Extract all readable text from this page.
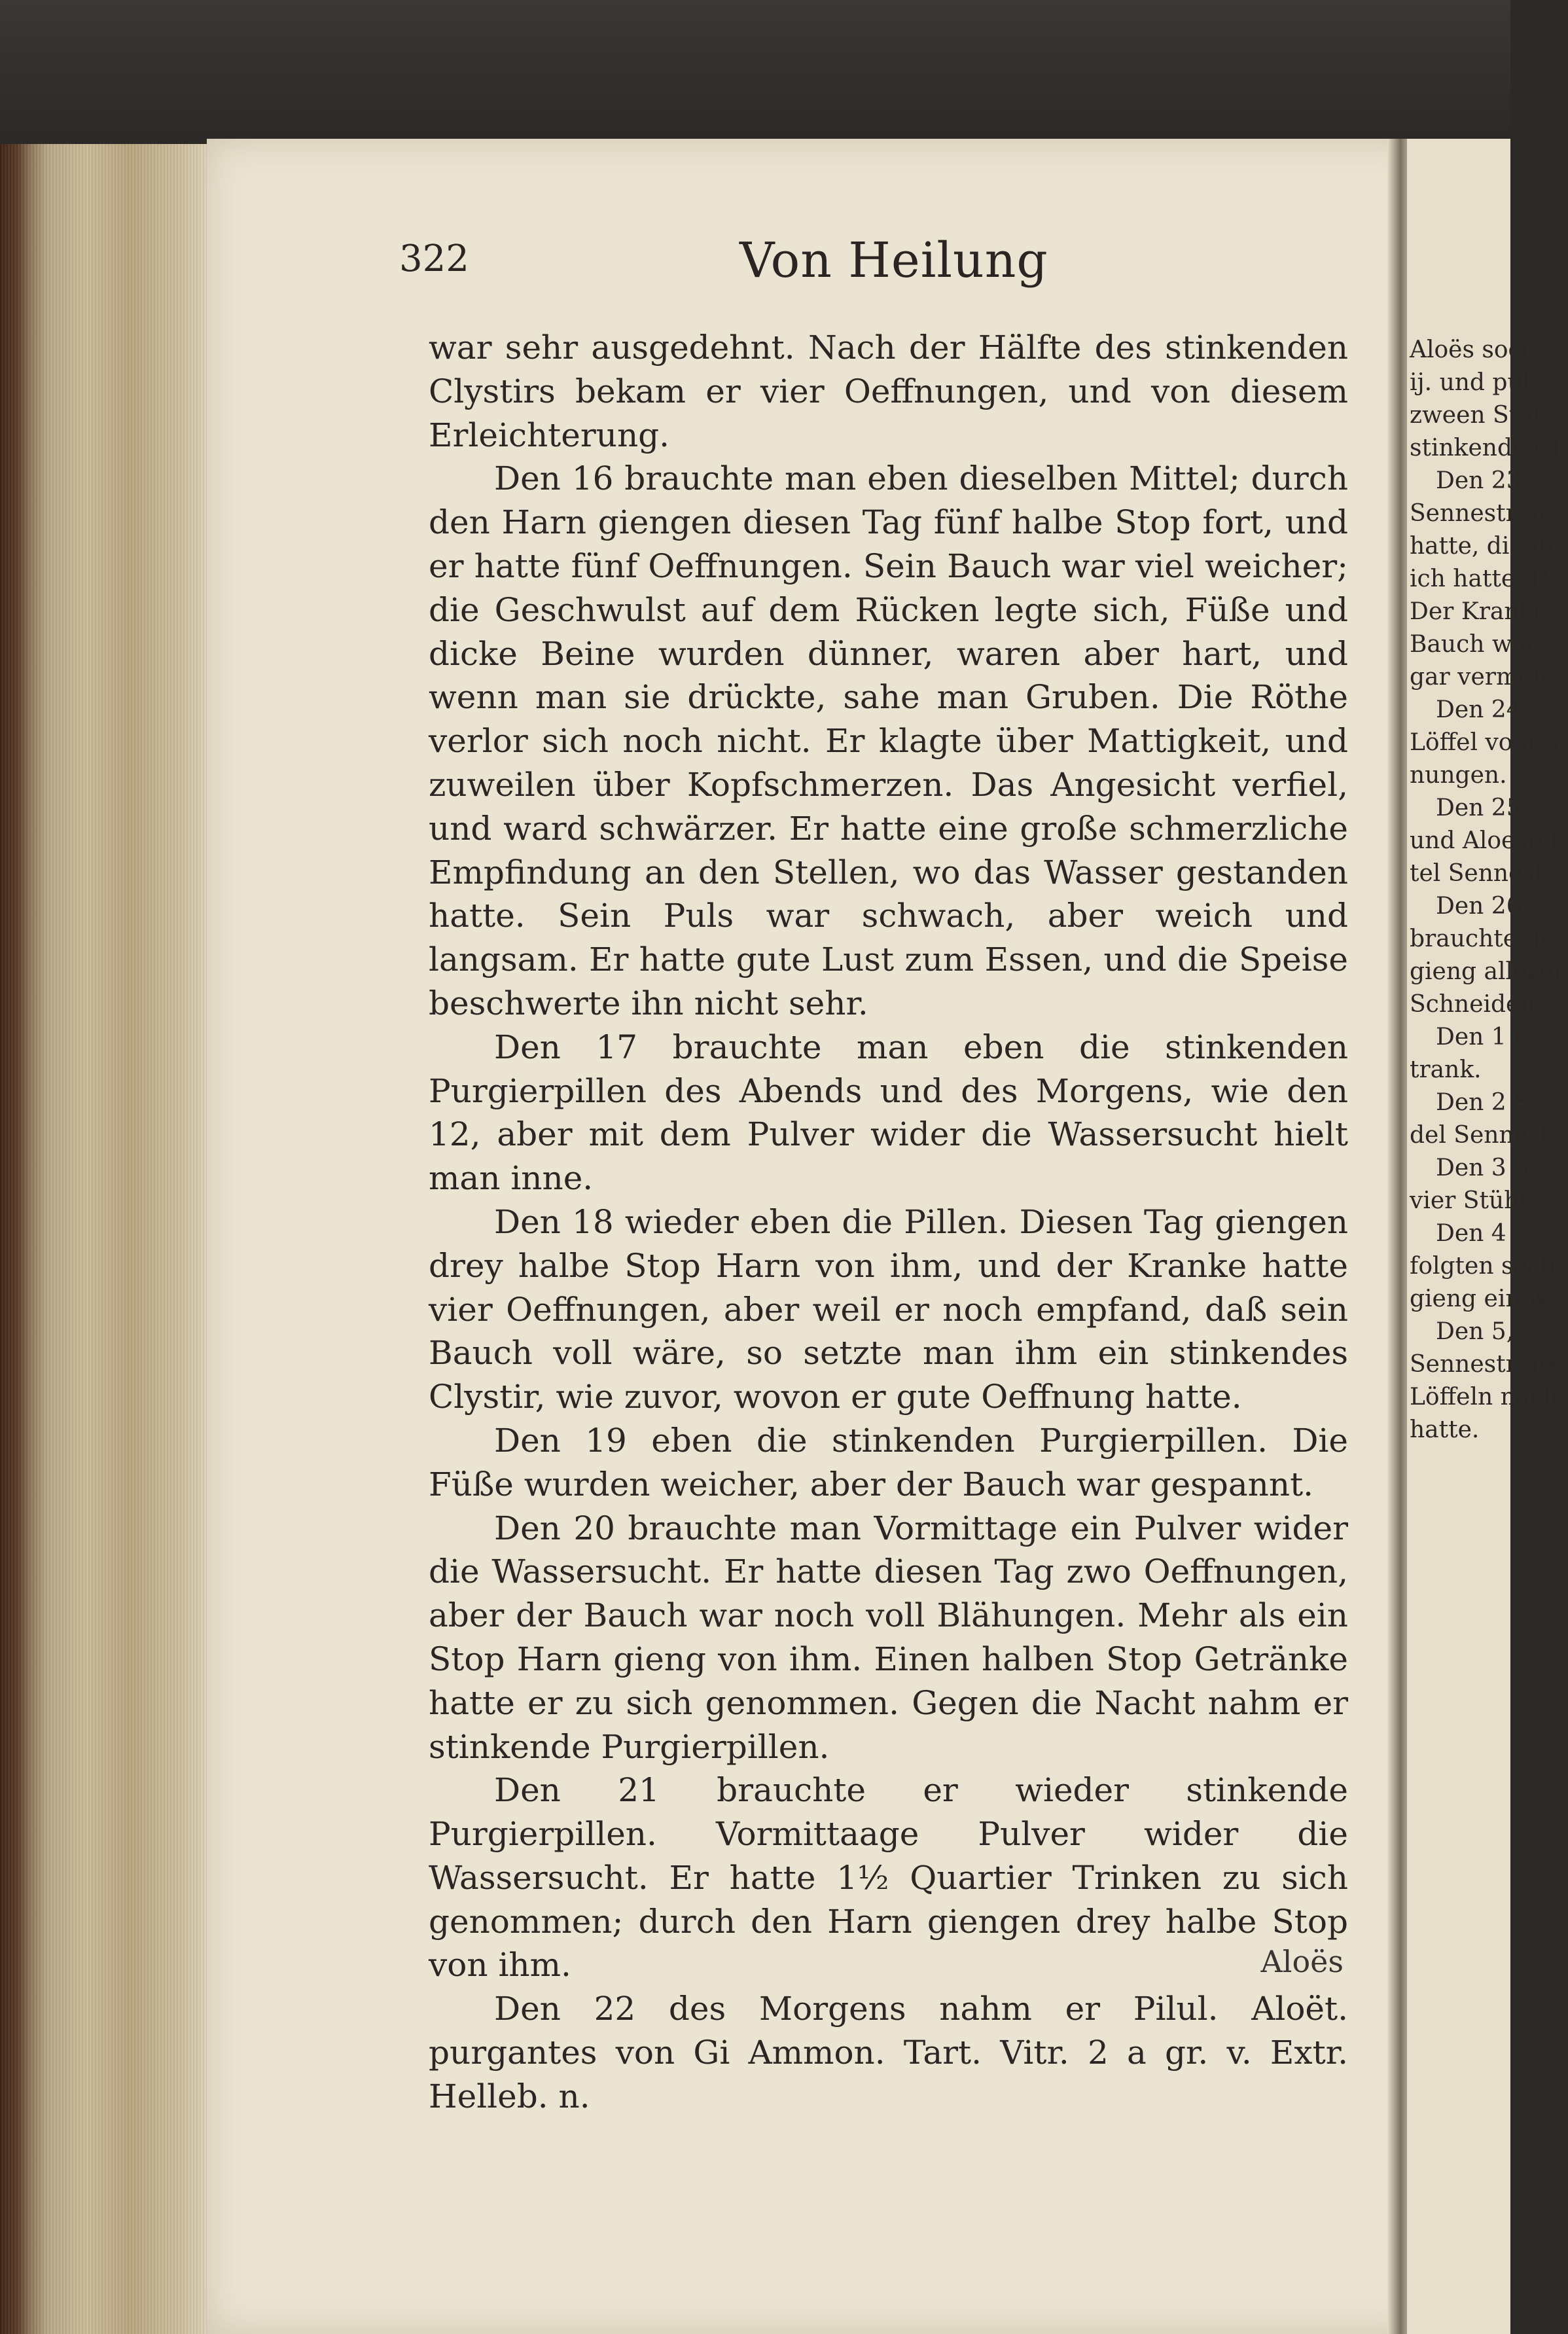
322	Von Heilung

war sehr ausgedehnt. Nach der Hälfte des stinkenden Clystirs bekam er vier Oeffnungen, und von diesem Erleichterung.

Den 16 brauchte man eben dieselben Mittel; durch den Harn giengen diesen Tag fünf halbe Stop fort, und er hatte fünf Oeffnungen. Sein Bauch war viel weicher; die Geschwulst auf dem Rücken legte sich, Füße und dicke Beine wurden dünner, waren aber hart, und wenn man sie drückte, sahe man Gruben. Die Röthe verlor sich noch nicht. Er klagte über Mattigkeit, und zuweilen über Kopfschmerzen. Das Angesicht verfiel, und ward schwärzer. Er hatte eine große schmerzliche Empfindung an den Stellen, wo das Wasser gestanden hatte. Sein Puls war schwach, aber weich und langsam. Er hatte gute Lust zum Essen, und die Speise beschwerte ihn nicht sehr.

Den 17 brauchte man eben die stinkenden Purgierpillen des Abends und des Morgens, wie den 12, aber mit dem Pulver wider die Wassersucht hielt man inne.

Den 18 wieder eben die Pillen. Diesen Tag giengen drey halbe Stop Harn von ihm, und der Kranke hatte vier Oeffnungen, aber weil er noch empfand, daß sein Bauch voll wäre, so setzte man ihm ein stinkendes Clystir, wie zuvor, wovon er gute Oeffnung hatte.

Den 19 eben die stinkenden Purgierpillen. Die Füße wurden weicher, aber der Bauch war gespannt.

Den 20 brauchte man Vormittage ein Pulver wider die Wassersucht. Er hatte diesen Tag zwo Oeffnungen, aber der Bauch war noch voll Blähungen. Mehr als ein Stop Harn gieng von ihm. Einen halben Stop Getränke hatte er zu sich genommen. Gegen die Nacht nahm er stinkende Purgierpillen.

Den 21 brauchte er wieder stinkende Purgierpillen. Vormittaage Pulver wider die Wassersucht. Er hatte 1½ Quartier Trinken zu sich genommen; durch den Harn giengen drey halbe Stop von ihm.

Den 22 des Morgens nahm er Pilul. Aloët. purgantes von Gi Ammon. Tart. Vitr. 2 a gr. v. Extr. Helleb. n.

Aloës
Aloës socc
ij. und pul
zween Stül
stinkende Cl
Den 23
Sennestran
hatte, die ih
ich hatte. D
Der Kranke
Bauch war
gar vermehr
Den 24
Löffel vom S
nungen.
Den 25
und Aloespil
tel Sennest
Den 26
brauchte. Je
gieng allezei
Schneiden.
Den 1 C
trank.
Den 2 S
del Sennest
Den 3 S
vier Stühle
Den 4
folgten sechs
gieng ein w
Den 5,
Sennestrank
Löffeln nach
hatte.
